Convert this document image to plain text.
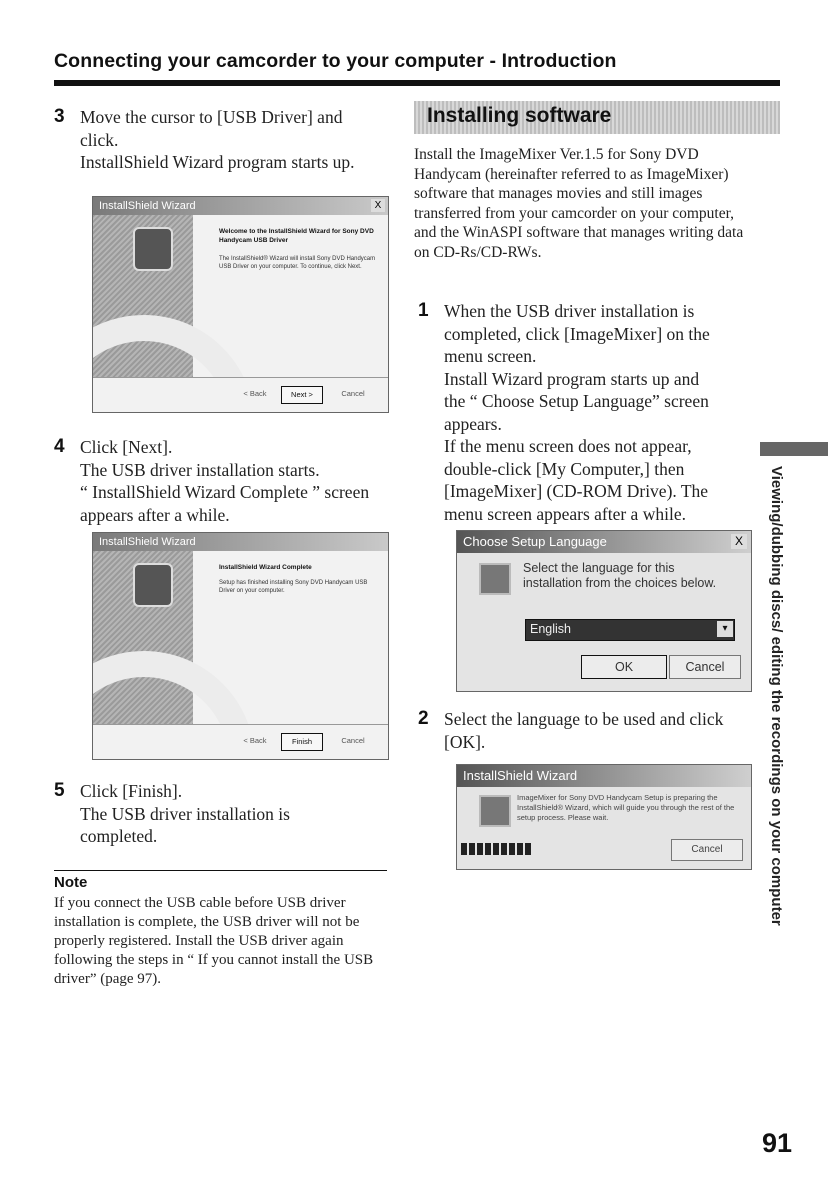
Connecting your camcorder to your computer - Introduction
3 Move the cursor to [USB Driver] and

click.

InstallShield Wizard program starts up.

InstallShield Wizard	X
Welcome to the InstallShield Wizard for Sony DVD Handycam USB Driver
The InstallShield® Wizard will install Sony DVD Handycam USB Driver on your computer. To continue, click Next.
< Back	Next >	Cancel
4 Click [Next].

The USB driver installation starts.

“ InstallShield Wizard Complete ” screen

appears after a while.

InstallShield Wizard
InstallShield Wizard Complete
Setup has finished installing Sony DVD Handycam USB Driver on your computer.
< Back	Finish	Cancel
5 Click [Finish].

The USB driver installation is

completed.

Note
If you connect the USB cable before USB driver installation is complete, the USB driver will not be properly registered. Install the USB driver again following the steps in “ If you cannot install the USB driver” (page 97).
Installing software
Install the ImageMixer Ver.1.5 for Sony DVD Handycam (hereinafter referred to as ImageMixer) software that manages movies and still images transferred from your camcorder on your computer, and the WinASPI software that manages writing data on CD-Rs/CD-RWs.
1 When the USB driver installation is

completed, click [ImageMixer] on the

menu screen.

Install Wizard program starts up and

the “ Choose Setup Language” screen

appears.

If the menu screen does not appear,

double-click [My Computer,] then

[ImageMixer] (CD-ROM Drive). The

menu screen appears after a while.

Choose Setup Language	X
Select the language for this installation from the choices below.
English	▾
OK	Cancel
2 Select the language to be used and click

[OK].

InstallShield Wizard
ImageMixer for Sony DVD Handycam Setup is preparing the InstallShield® Wizard, which will guide you through the rest of the setup process. Please wait.
Cancel	Viewing/dubbing discs/ editing the recordings on your computer
91
